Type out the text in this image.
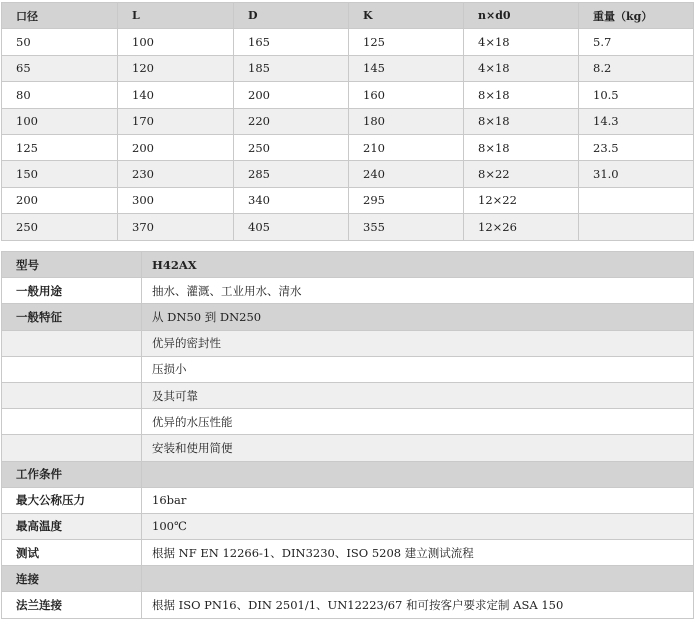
口径	L	D	K	n×d0	重量（kg）
50	100	165	125	4×18	5.7
65	120	185	145	4×18	8.2
80	140	200	160	8×18	10.5
100	170	220	180	8×18	14.3
125	200	250	210	8×18	23.5
150	230	285	240	8×22	31.0
200	300	340	295	12×22	
250	370	405	355	12×26	
型号	H42AX
一般用途	抽水、灌溉、工业用水、清水
一般特征	从 DN50 到 DN250
	优异的密封性
	压损小
	及其可靠
	优异的水压性能
	安装和使用简便
工作条件	
最大公称压力	16bar
最高温度	100℃
测试	根据 NF EN 12266-1、DIN3230、ISO 5208 建立测试流程
连接	
法兰连接	根据 ISO PN16、DIN 2501/1、UN12223/67 和可按客户要求定制 ASA 150
